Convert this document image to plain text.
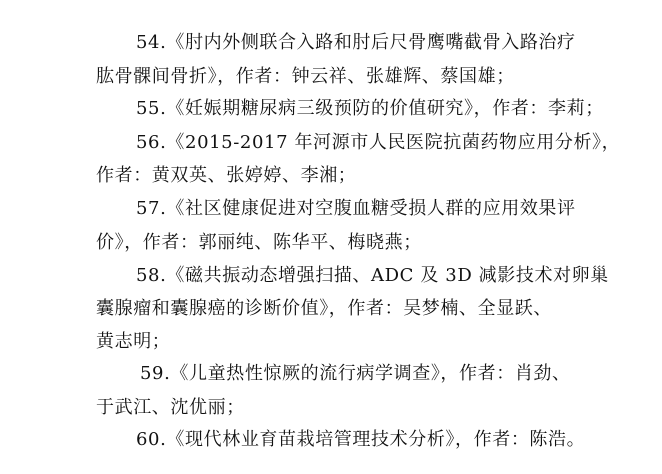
54.《肘内外侧联合入路和肘后尺骨鹰嘴截骨入路治疗
肱骨髁间骨折》，作者：钟云祥、张雄辉、蔡国雄；
55.《妊娠期糖尿病三级预防的价值研究》，作者：李莉；
56.《2015-2017 年河源市人民医院抗菌药物应用分析》，
作者：黄双英、张婷婷、李湘；
57.《社区健康促进对空腹血糖受损人群的应用效果评
价》，作者：郭丽纯、陈华平、梅晓燕；
58.《磁共振动态增强扫描、ADC 及 3D 减影技术对卵巢
囊腺瘤和囊腺癌的诊断价值》，作者：吴梦楠、全显跃、
黄志明；
59.《儿童热性惊厥的流行病学调查》，作者：肖劲、
于武江、沈优丽；
60.《现代林业育苗栽培管理技术分析》，作者：陈浩。
